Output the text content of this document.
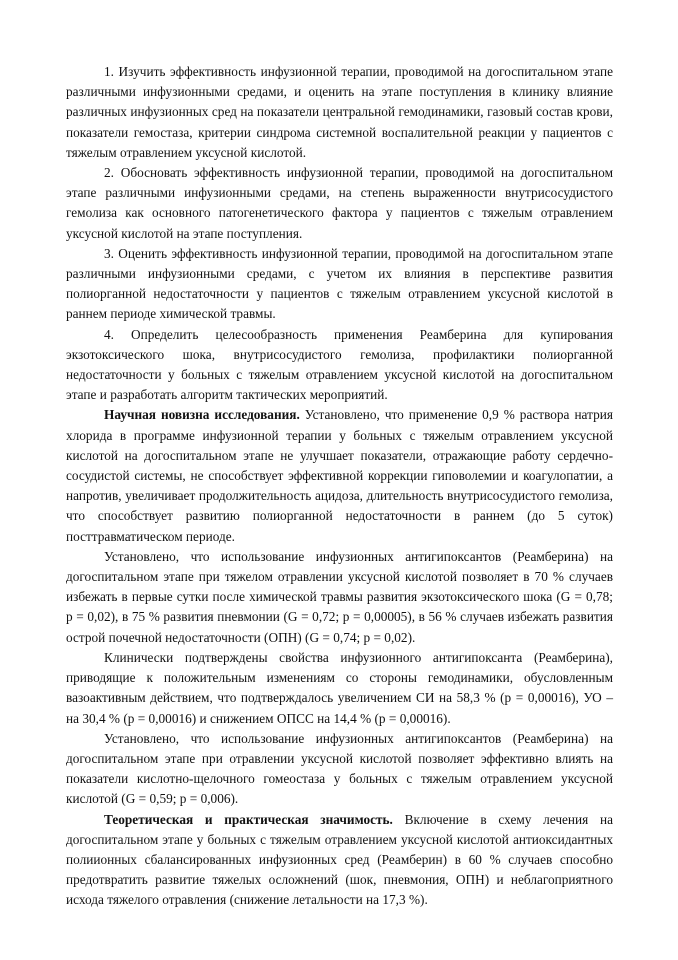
1. Изучить эффективность инфузионной терапии, проводимой на догоспитальном этапе различными инфузионными средами, и оценить на этапе поступления в клинику влияние различных инфузионных сред на показатели центральной гемодинамики, газовый состав крови, показатели гемостаза, критерии синдрома системной воспалительной реакции у пациентов с тяжелым отравлением уксусной кислотой.

2. Обосновать эффективность инфузионной терапии, проводимой на догоспитальном этапе различными инфузионными средами, на степень выраженности внутрисосудистого гемолиза как основного патогенетического фактора у пациентов с тяжелым отравлением уксусной кислотой на этапе поступления.

3. Оценить эффективность инфузионной терапии, проводимой на догоспитальном этапе различными инфузионными средами, с учетом их влияния в перспективе развития полиорганной недостаточности у пациентов с тяжелым отравлением уксусной кислотой в раннем периоде химической травмы.

4. Определить целесообразность применения Реамберина для купирования экзотоксического шока, внутрисосудистого гемолиза, профилактики полиорганной недостаточности у больных с тяжелым отравлением уксусной кислотой на догоспитальном этапе и разработать алгоритм тактических мероприятий.

Научная новизна исследования. Установлено, что применение 0,9 % раствора натрия хлорида в программе инфузионной терапии у больных с тяжелым отравлением уксусной кислотой на догоспитальном этапе не улучшает показатели, отражающие работу сердечно-сосудистой системы, не способствует эффективной коррекции гиповолемии и коагулопатии, а напротив, увеличивает продолжительность ацидоза, длительность внутрисосудистого гемолиза, что способствует развитию полиорганной недостаточности в раннем (до 5 суток) посттравматическом периоде.

Установлено, что использование инфузионных антигипоксантов (Реамберина) на догоспитальном этапе при тяжелом отравлении уксусной кислотой позволяет в 70 % случаев избежать в первые сутки после химической травмы развития экзотоксического шока (G = 0,78; p = 0,02), в 75 % развития пневмонии (G = 0,72; p = 0,00005), в 56 % случаев избежать развития острой почечной недостаточности (ОПН) (G = 0,74; p = 0,02).

Клинически подтверждены свойства инфузионного антигипоксанта (Реамберина), приводящие к положительным изменениям со стороны гемодинамики, обусловленным вазоактивным действием, что подтверждалось увеличением СИ на 58,3 % (p = 0,00016), УО – на 30,4 % (p = 0,00016) и снижением ОПСС на 14,4 % (p = 0,00016).

Установлено, что использование инфузионных антигипоксантов (Реамберина) на догоспитальном этапе при отравлении уксусной кислотой позволяет эффективно влиять на показатели кислотно-щелочного гомеостаза у больных с тяжелым отравлением уксусной кислотой (G = 0,59; p = 0,006).

Теоретическая и практическая значимость. Включение в схему лечения на догоспитальном этапе у больных с тяжелым отравлением уксусной кислотой антиоксидантных полиионных сбалансированных инфузионных сред (Реамберин) в 60 % случаев способно предотвратить развитие тяжелых осложнений (шок, пневмония, ОПН) и неблагоприятного исхода тяжелого отравления (снижение летальности на 17,3 %).
